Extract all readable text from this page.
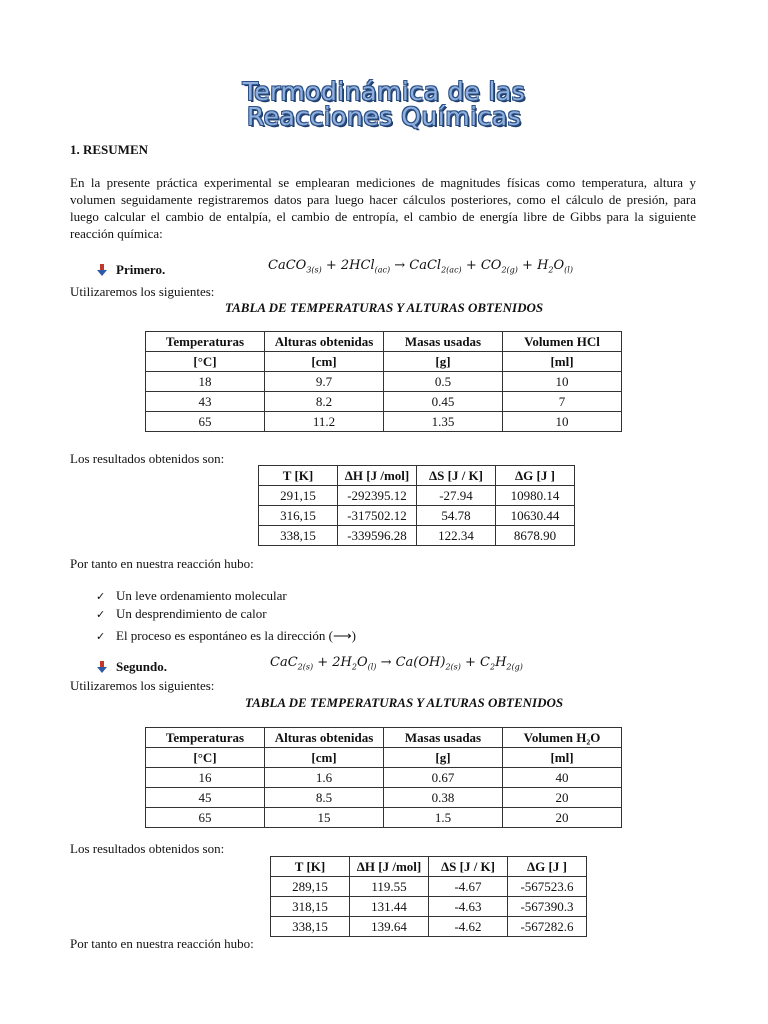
Termodinámica de las
Reacciones Químicas
1. RESUMEN
En la presente práctica experimental se emplearan mediciones de magnitudes físicas como temperatura, altura y volumen seguidamente registraremos datos para luego hacer cálculos posteriores, como el cálculo de presión, para luego calcular el cambio de entalpía, el cambio de entropía, el cambio de energía libre de Gibbs para la siguiente reacción química:
Primero.	CaCO$_{3(s)}$ + 2HCl$_{(ac)}$ → CaCl$_{2(ac)}$ + $CO_{2(g)} + H_2O_{(l)}$
Utilizaremos los siguientes:
TABLA DE TEMPERATURAS Y ALTURAS OBTENIDOS
Temperaturas	Alturas obtenidas	Masas usadas	Volumen HCl
[°C]	[cm]	[g]	[ml]
18	9.7	0.5	10
43	8.2	0.45	7
65	11.2	1.35	10
Los resultados obtenidos son:
T [K]	ΔH [J /mol]	ΔS [J / K]	ΔG [J ]
291,15	-292395.12	-27.94	10980.14
316,15	-317502.12	54.78	10630.44
338,15	-339596.28	122.34	8678.90
Por tanto en nuestra reacción hubo:
✓ Un leve ordenamiento molecular
✓ Un desprendimiento de calor
✓ El proceso es espontáneo es la dirección (⟶)
Segundo.	$CaC_{2(s)} + 2H_2O_{(l)} \to Ca(OH)_{2(s)} + C_2H_{2(g)}$
Utilizaremos los siguientes:
TABLA DE TEMPERATURAS Y ALTURAS OBTENIDOS
Temperaturas	Alturas obtenidas	Masas usadas	Volumen H₂O
[°C]	[cm]	[g]	[ml]
16	1.6	0.67	40
45	8.5	0.38	20
65	15	1.5	20
Los resultados obtenidos son:
T [K]	ΔH [J /mol]	ΔS [J / K]	ΔG [J ]
289,15	119.55	-4.67	-567523.6
318,15	131.44	-4.63	-567390.3
338,15	139.64	-4.62	-567282.6
Por tanto en nuestra reacción hubo:
